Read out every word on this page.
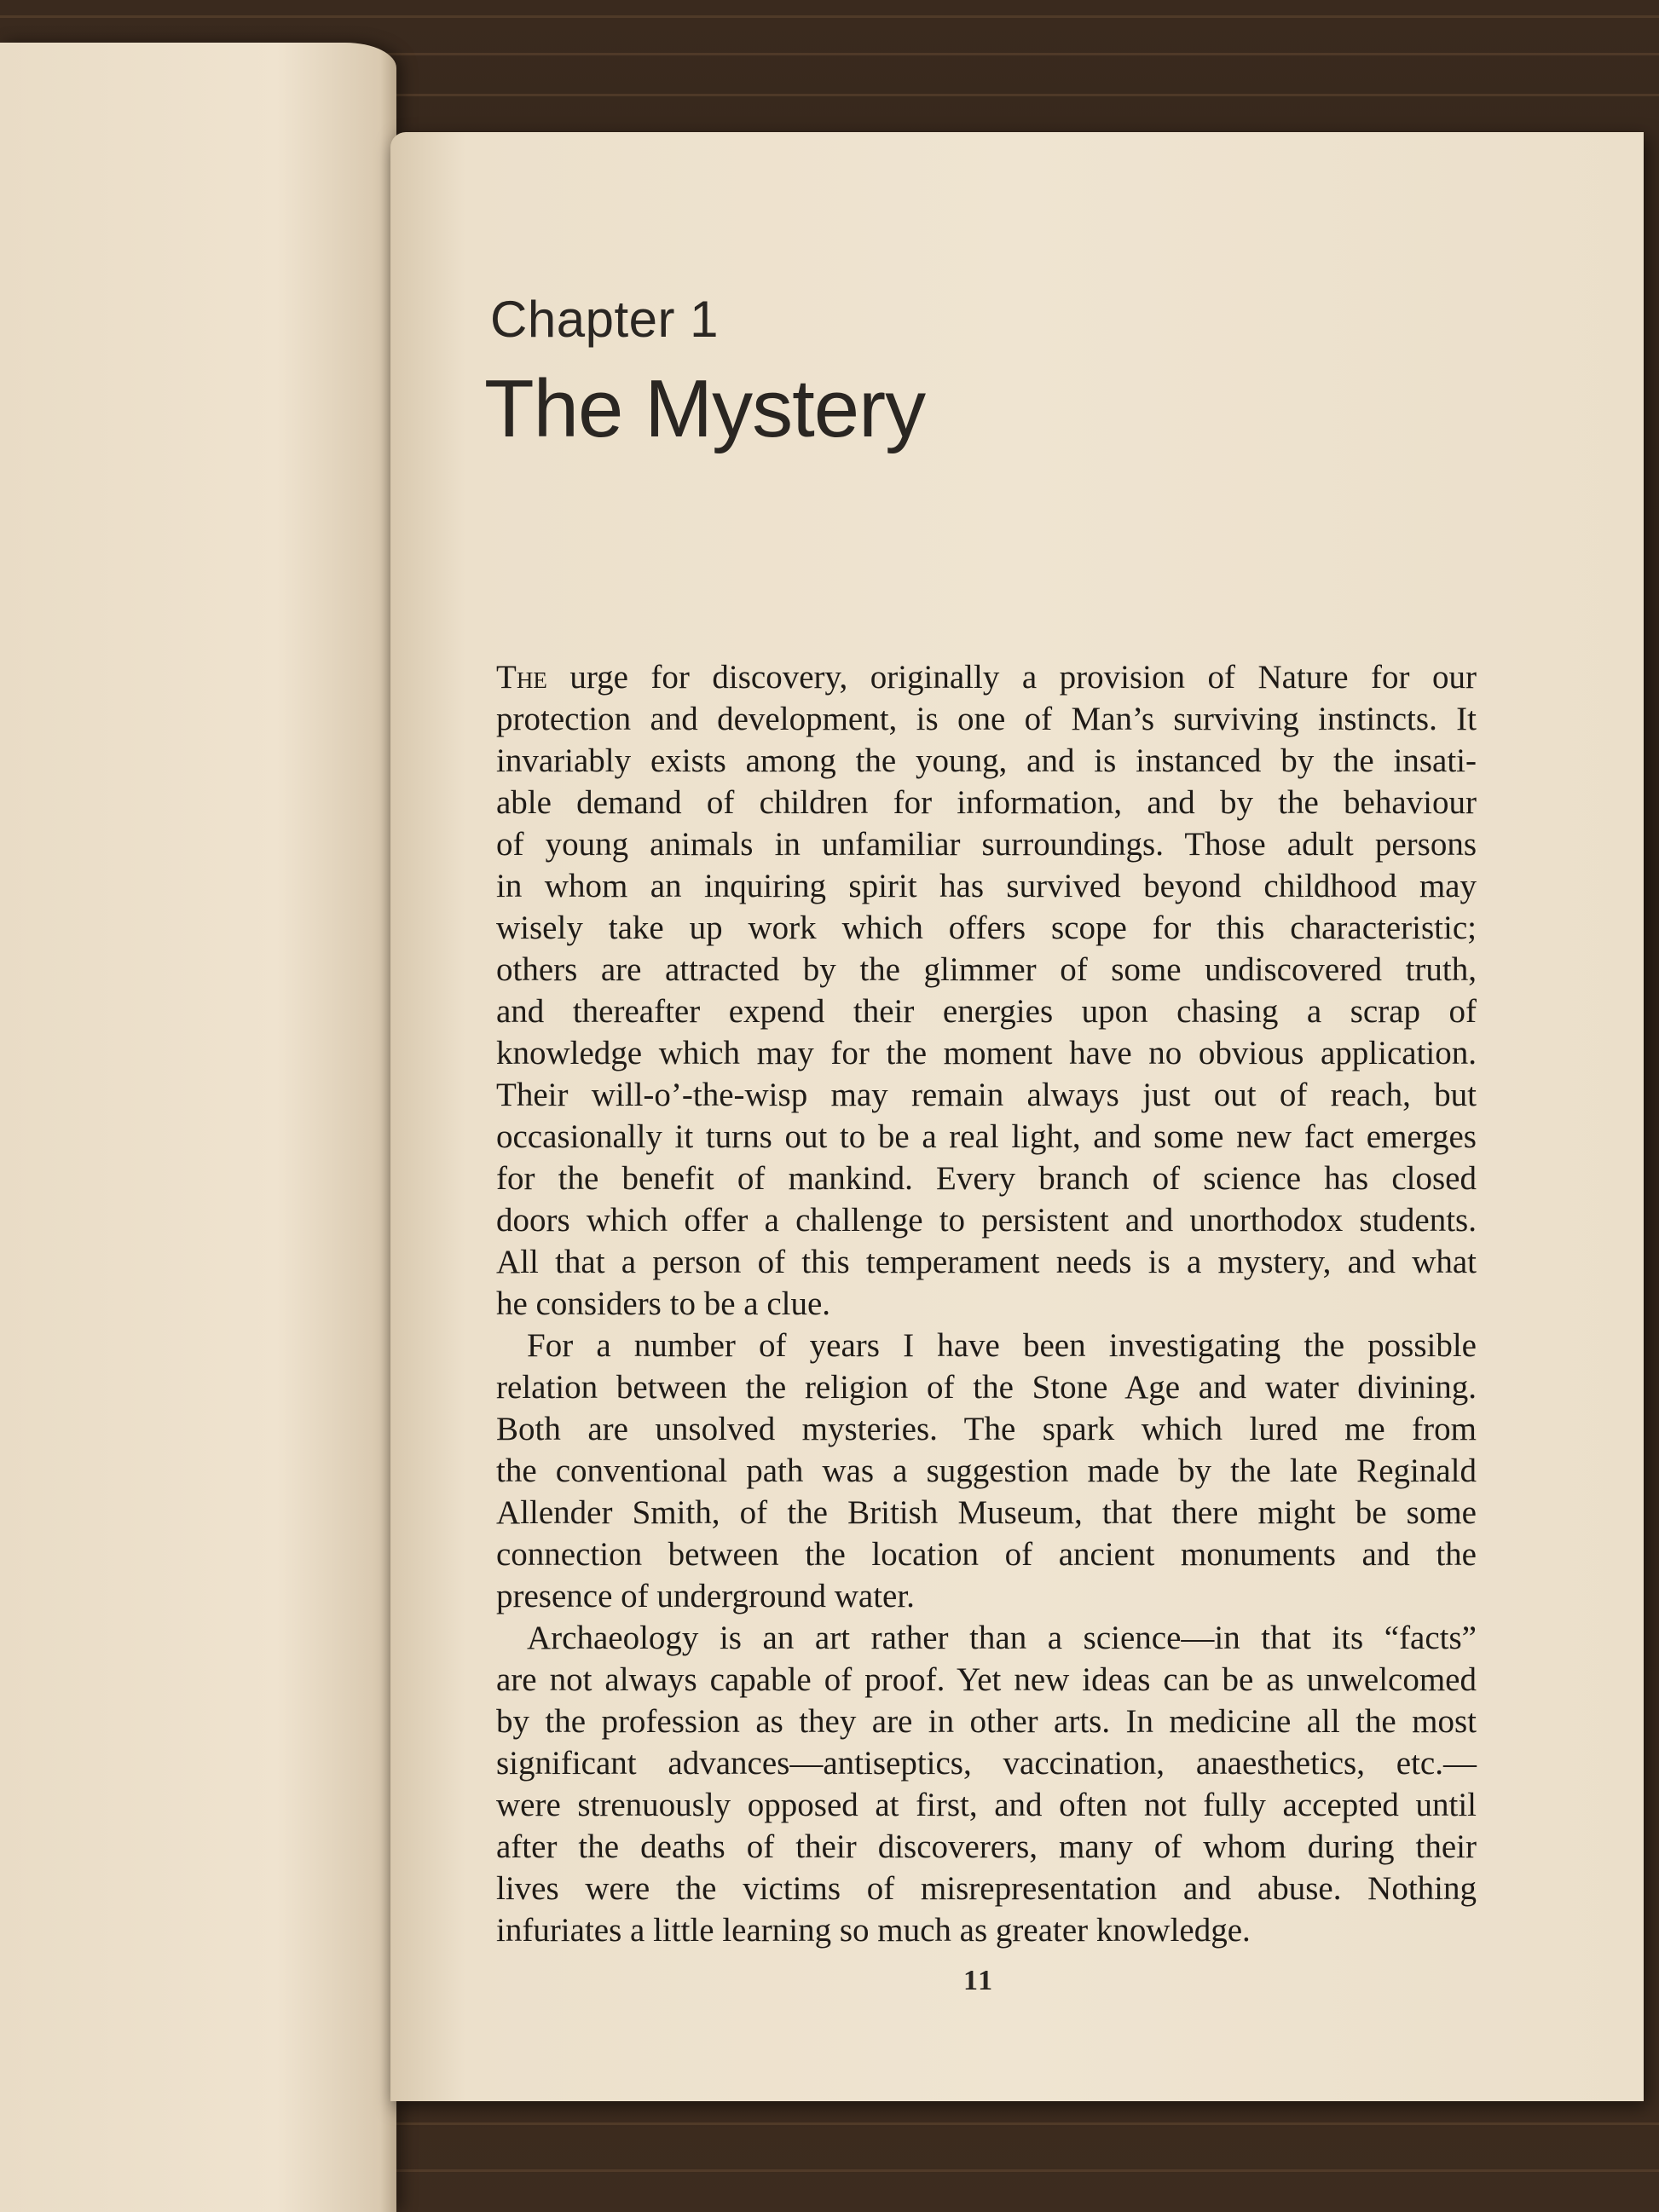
Chapter 1
The Mystery
The urge for discovery, originally a provision of Nature for our
protection and development, is one of Man’s surviving instincts. It
invariably exists among the young, and is instanced by the insati-
able demand of children for information, and by the behaviour
of young animals in unfamiliar surroundings. Those adult persons
in whom an inquiring spirit has survived beyond childhood may
wisely take up work which offers scope for this characteristic;
others are attracted by the glimmer of some undiscovered truth,
and thereafter expend their energies upon chasing a scrap of
knowledge which may for the moment have no obvious application.
Their will-o’-the-wisp may remain always just out of reach, but
occasionally it turns out to be a real light, and some new fact emerges
for the benefit of mankind. Every branch of science has closed
doors which offer a challenge to persistent and unorthodox students.
All that a person of this temperament needs is a mystery, and what
he considers to be a clue.
For a number of years I have been investigating the possible
relation between the religion of the Stone Age and water divining.
Both are unsolved mysteries. The spark which lured me from
the conventional path was a suggestion made by the late Reginald
Allender Smith, of the British Museum, that there might be some
connection between the location of ancient monuments and the
presence of underground water.
Archaeology is an art rather than a science—in that its “facts”
are not always capable of proof. Yet new ideas can be as unwelcomed
by the profession as they are in other arts. In medicine all the most
significant advances—antiseptics, vaccination, anaesthetics, etc.—
were strenuously opposed at first, and often not fully accepted until
after the deaths of their discoverers, many of whom during their
lives were the victims of misrepresentation and abuse. Nothing
infuriates a little learning so much as greater knowledge.
11
